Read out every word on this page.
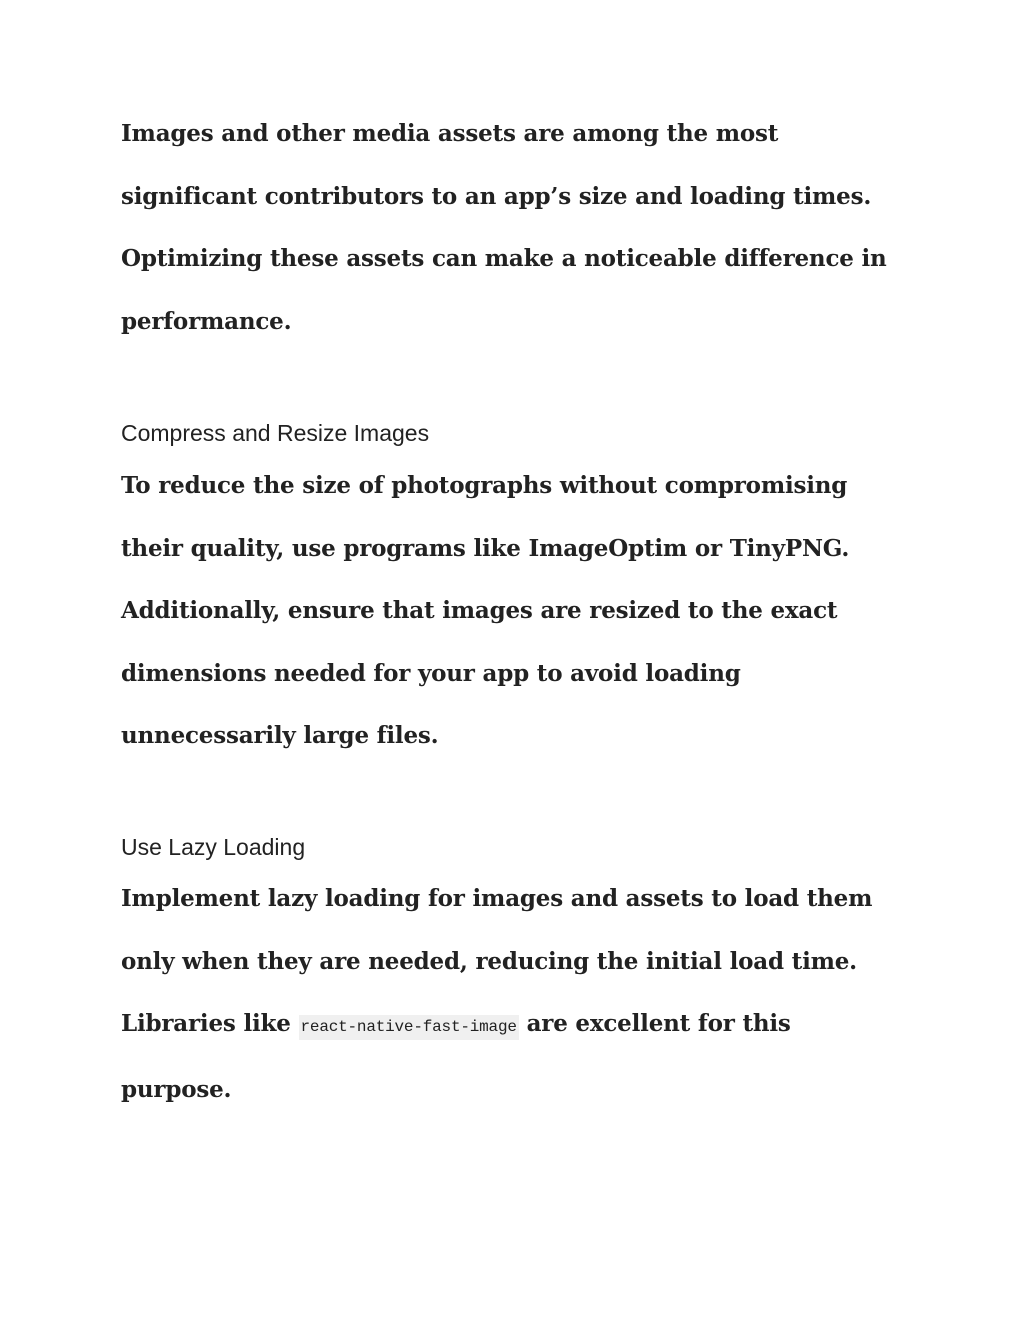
Images and other media assets are among the most
significant contributors to an app’s size and loading times.
Optimizing these assets can make a noticeable difference in
performance.
Compress and Resize Images
To reduce the size of photographs without compromising
their quality, use programs like ImageOptim or TinyPNG.
Additionally, ensure that images are resized to the exact
dimensions needed for your app to avoid loading
unnecessarily large files.
Use Lazy Loading
Implement lazy loading for images and assets to load them
only when they are needed, reducing the initial load time.
Libraries like react-native-fast-image are excellent for this
purpose.
